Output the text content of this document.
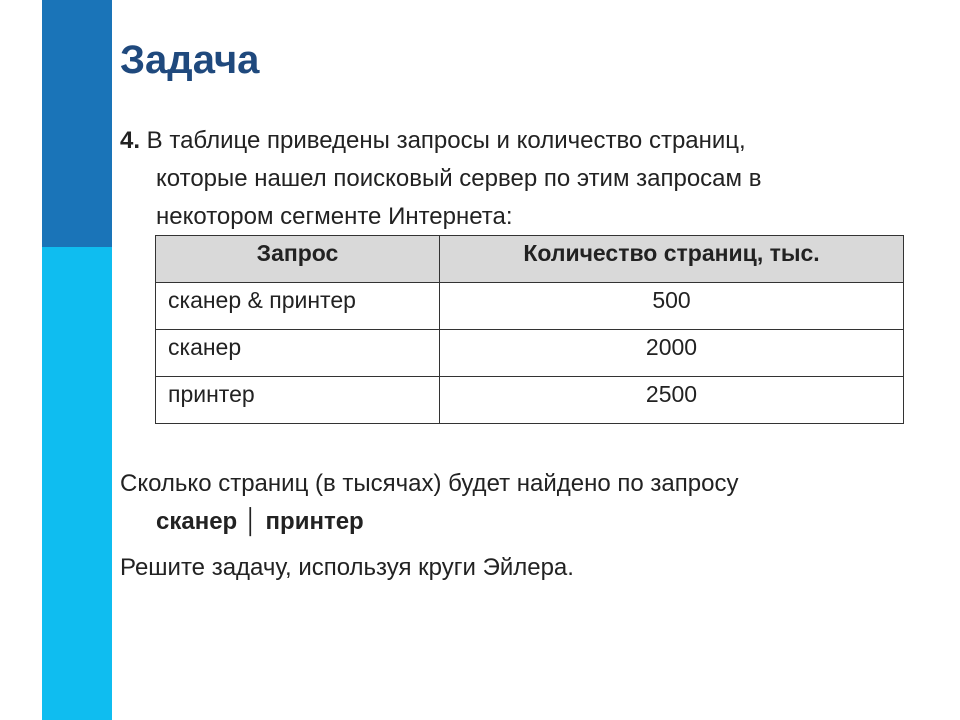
Задача
4. В таблице приведены запросы и количество страниц,
которые нашел поисковый сервер по этим запросам в
некотором сегменте Интернета:
Запрос	Количество страниц, тыс.
сканер & принтер	500
сканер	2000
принтер	2500
Сколько страниц (в тысячах) будет найдено по запросу
сканер │ принтер
Решите задачу, используя круги Эйлера.
